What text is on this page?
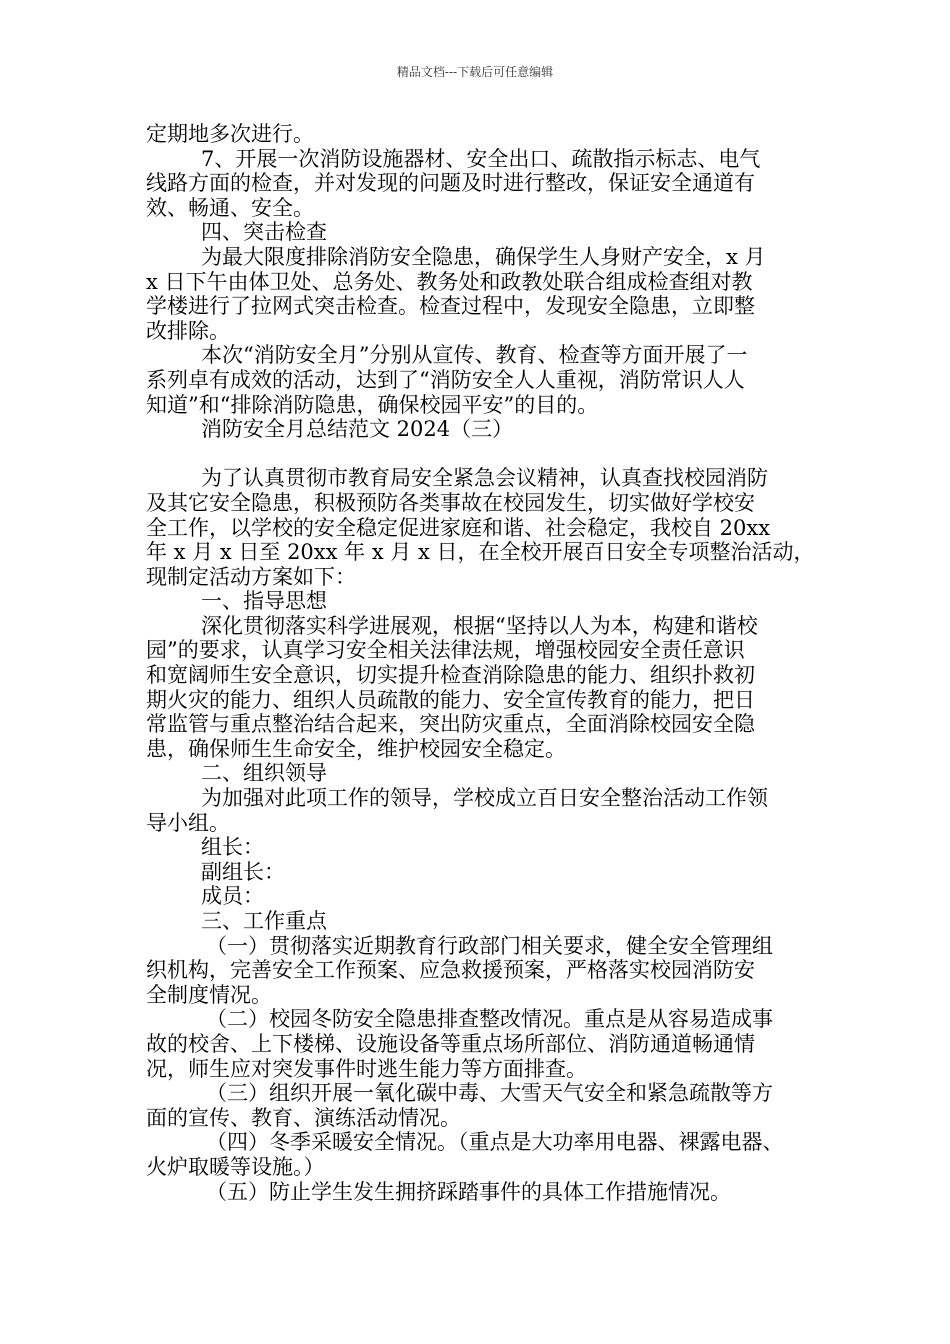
精品文档---下载后可任意编辑
定期地多次进行。
7、开展一次消防设施器材、安全出口、疏散指示标志、电气
线路方面的检查，并对发现的问题及时进行整改，保证安全通道有
效、畅通、安全。
四、突击检查
为最大限度排除消防安全隐患，确保学生人身财产安全，x 月
x 日下午由体卫处、总务处、教务处和政教处联合组成检查组对教
学楼进行了拉网式突击检查。检查过程中，发现安全隐患，立即整
改排除。
本次“消防安全月”分别从宣传、教育、检查等方面开展了一
系列卓有成效的活动，达到了“消防安全人人重视，消防常识人人
知道”和“排除消防隐患，确保校园平安”的目的。
消防安全月总结范文 2024（三）
为了认真贯彻市教育局安全紧急会议精神，认真查找校园消防
及其它安全隐患，积极预防各类事故在校园发生，切实做好学校安
全工作，以学校的安全稳定促进家庭和谐、社会稳定，我校自 20xx
年 x 月 x 日至 20xx 年 x 月 x 日，在全校开展百日安全专项整治活动，
现制定活动方案如下：
一、指导思想
深化贯彻落实科学进展观，根据“坚持以人为本，构建和谐校
园”的要求，认真学习安全相关法律法规，增强校园安全责任意识
和宽阔师生安全意识，切实提升检查消除隐患的能力、组织扑救初
期火灾的能力、组织人员疏散的能力、安全宣传教育的能力，把日
常监管与重点整治结合起来，突出防灾重点，全面消除校园安全隐
患，确保师生生命安全，维护校园安全稳定。
二、组织领导
为加强对此项工作的领导，学校成立百日安全整治活动工作领
导小组。
组长：
副组长：
成员：
三、工作重点
（一）贯彻落实近期教育行政部门相关要求，健全安全管理组
织机构，完善安全工作预案、应急救援预案，严格落实校园消防安
全制度情况。
（二）校园冬防安全隐患排查整改情况。重点是从容易造成事
故的校舍、上下楼梯、设施设备等重点场所部位、消防通道畅通情
况，师生应对突发事件时逃生能力等方面排查。
（三）组织开展一氧化碳中毒、大雪天气安全和紧急疏散等方
面的宣传、教育、演练活动情况。
（四）冬季采暖安全情况。（重点是大功率用电器、裸露电器、
火炉取暖等设施。）
（五）防止学生发生拥挤踩踏事件的具体工作措施情况。
